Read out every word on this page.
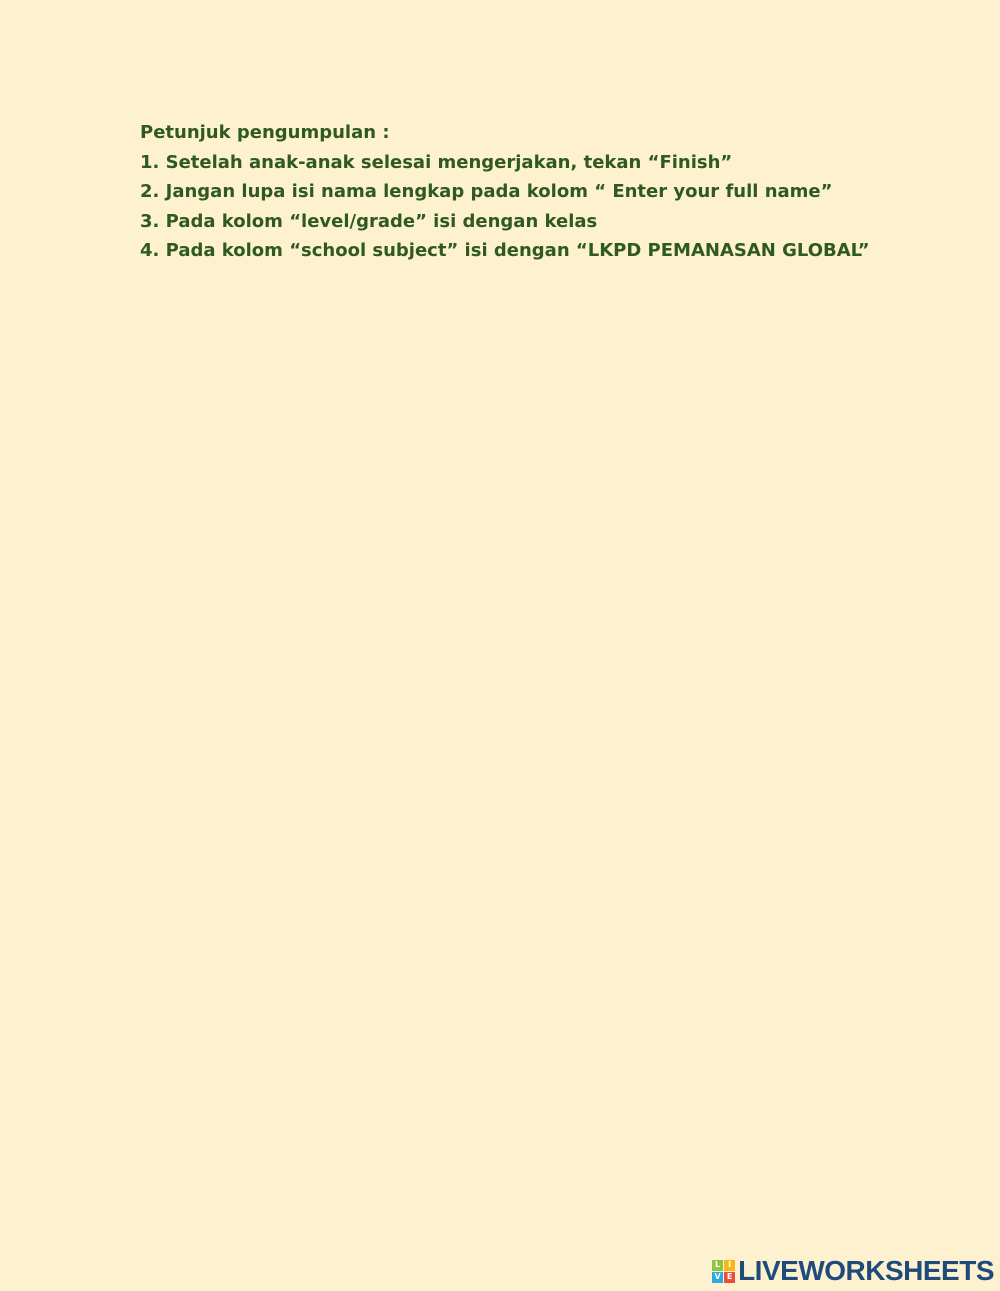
Petunjuk pengumpulan :
1. Setelah anak-anak selesai mengerjakan, tekan “Finish”
2. Jangan lupa isi nama lengkap pada kolom “ Enter your full name”
3. Pada kolom “level/grade” isi dengan kelas
4. Pada kolom “school subject” isi dengan “LKPD PEMANASAN GLOBAL”
L I
V E LIVEWORKSHEETS
